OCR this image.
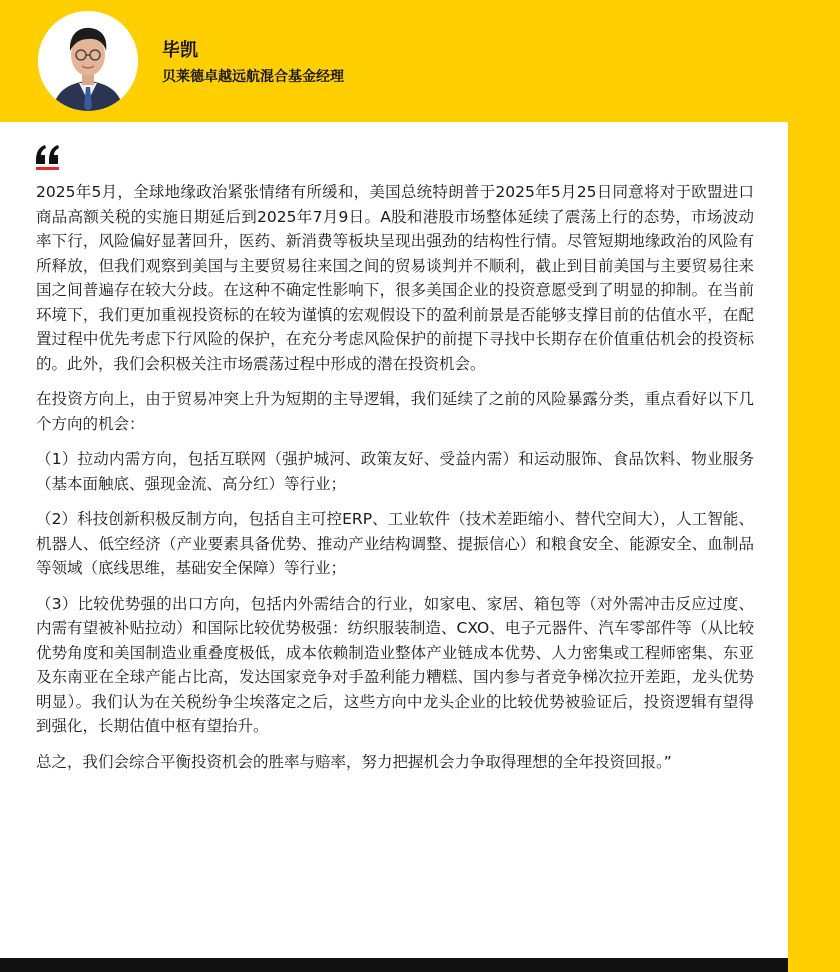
毕凯
贝莱德卓越远航混合基金经理

2025年5月，全球地缘政治紧张情绪有所缓和，美国总统特朗普于2025年5月25日同意将对于欧盟进口商品高额关税的实施日期延后到2025年7月9日。A股和港股市场整体延续了震荡上行的态势，市场波动率下行，风险偏好显著回升，医药、新消费等板块呈现出强劲的结构性行情。尽管短期地缘政治的风险有所释放，但我们观察到美国与主要贸易往来国之间的贸易谈判并不顺利，截止到目前美国与主要贸易往来国之间普遍存在较大分歧。在这种不确定性影响下，很多美国企业的投资意愿受到了明显的抑制。在当前环境下，我们更加重视投资标的在较为谨慎的宏观假设下的盈利前景是否能够支撑目前的估值水平，在配置过程中优先考虑下行风险的保护，在充分考虑风险保护的前提下寻找中长期存在价值重估机会的投资标的。此外，我们会积极关注市场震荡过程中形成的潜在投资机会。

在投资方向上，由于贸易冲突上升为短期的主导逻辑，我们延续了之前的风险暴露分类，重点看好以下几个方向的机会：

（1）拉动内需方向，包括互联网（强护城河、政策友好、受益内需）和运动服饰、食品饮料、物业服务（基本面触底、强现金流、高分红）等行业；

（2）科技创新积极反制方向，包括自主可控ERP、工业软件（技术差距缩小、替代空间大），人工智能、机器人、低空经济（产业要素具备优势、推动产业结构调整、提振信心）和粮食安全、能源安全、血制品等领域（底线思维，基础安全保障）等行业；

（3）比较优势强的出口方向，包括内外需结合的行业，如家电、家居、箱包等（对外需冲击反应过度、内需有望被补贴拉动）和国际比较优势极强：纺织服装制造、CXO、电子元器件、汽车零部件等（从比较优势角度和美国制造业重叠度极低，成本依赖制造业整体产业链成本优势、人力密集或工程师密集、东亚及东南亚在全球产能占比高，发达国家竞争对手盈利能力糟糕、国内参与者竞争梯次拉开差距，龙头优势明显）。我们认为在关税纷争尘埃落定之后，这些方向中龙头企业的比较优势被验证后，投资逻辑有望得到强化，长期估值中枢有望抬升。

总之，我们会综合平衡投资机会的胜率与赔率，努力把握机会力争取得理想的全年投资回报。”
